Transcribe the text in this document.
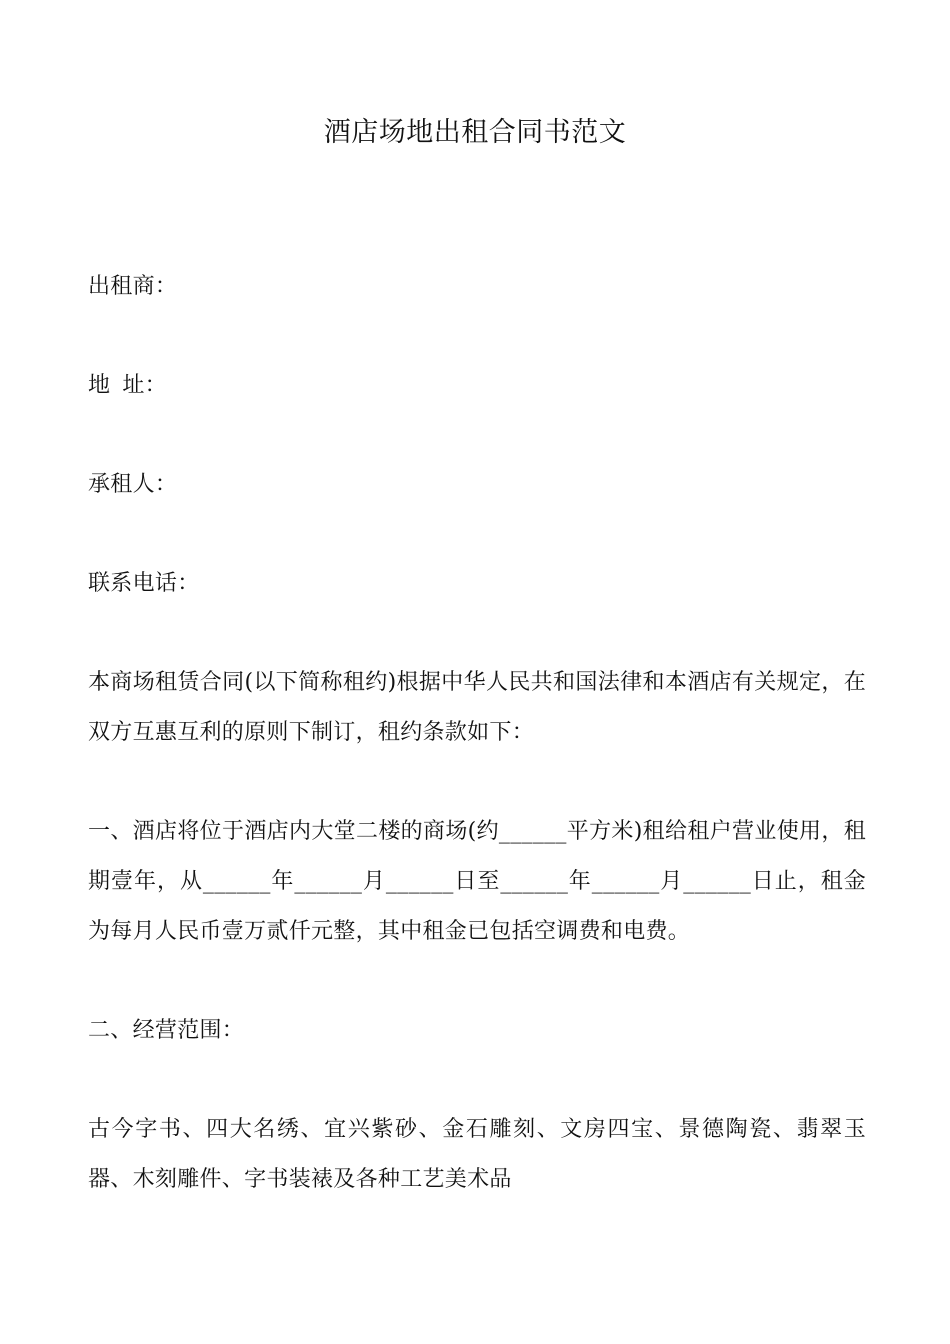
酒店场地出租合同书范文

出租商：

地 址：

承租人：

联系电话：

本商场租赁合同(以下简称租约)根据中华人民共和国法律和本酒店有关规定，在双方互惠互利的原则下制订，租约条款如下：

一、酒店将位于酒店内大堂二楼的商场(约______平方米)租给租户营业使用，租期壹年，从______年______月______日至______年______月______日止，租金为每月人民币壹万贰仟元整，其中租金已包括空调费和电费。

二、经营范围：

古今字书、四大名绣、宜兴紫砂、金石雕刻、文房四宝、景德陶瓷、翡翠玉器、木刻雕件、字书装裱及各种工艺美术品
